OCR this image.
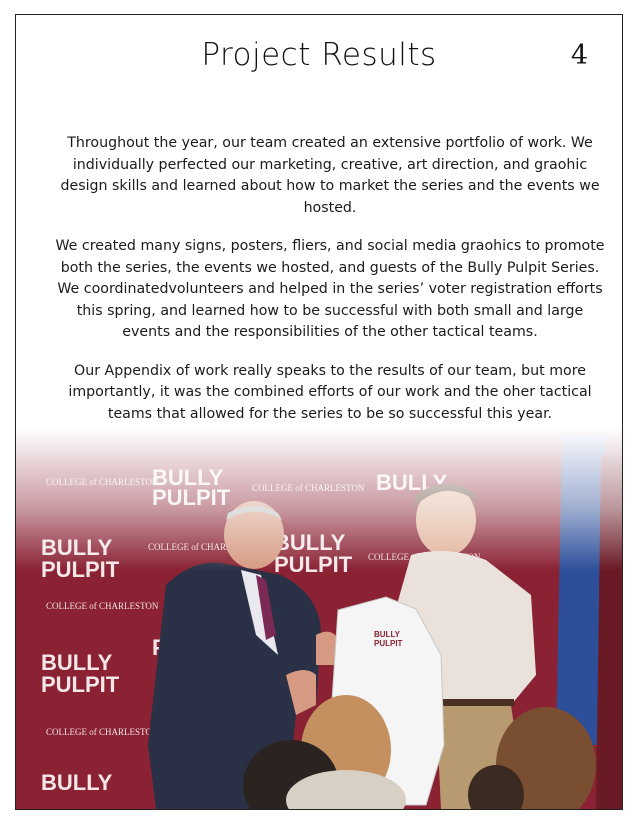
Project Results	4

Throughout the year, our team created an extensive portfolio of work. We individually perfected our marketing, creative, art direction, and graohic design skills and learned about how to market the series and the events we hosted.

We created many signs, posters, fliers, and social media graohics to promote both the series, the events we hosted, and guests of the Bully Pulpit Series. We coordinatedvolunteers and helped in the series’ voter registration efforts this spring, and learned how to be successful with both small and large events and the responsibilities of the other tactical teams.

Our Appendix of work really speaks to the results of our team, but more importantly, it was the combined efforts of our work and the oher tactical teams that allowed for the series to be so successful this year.
